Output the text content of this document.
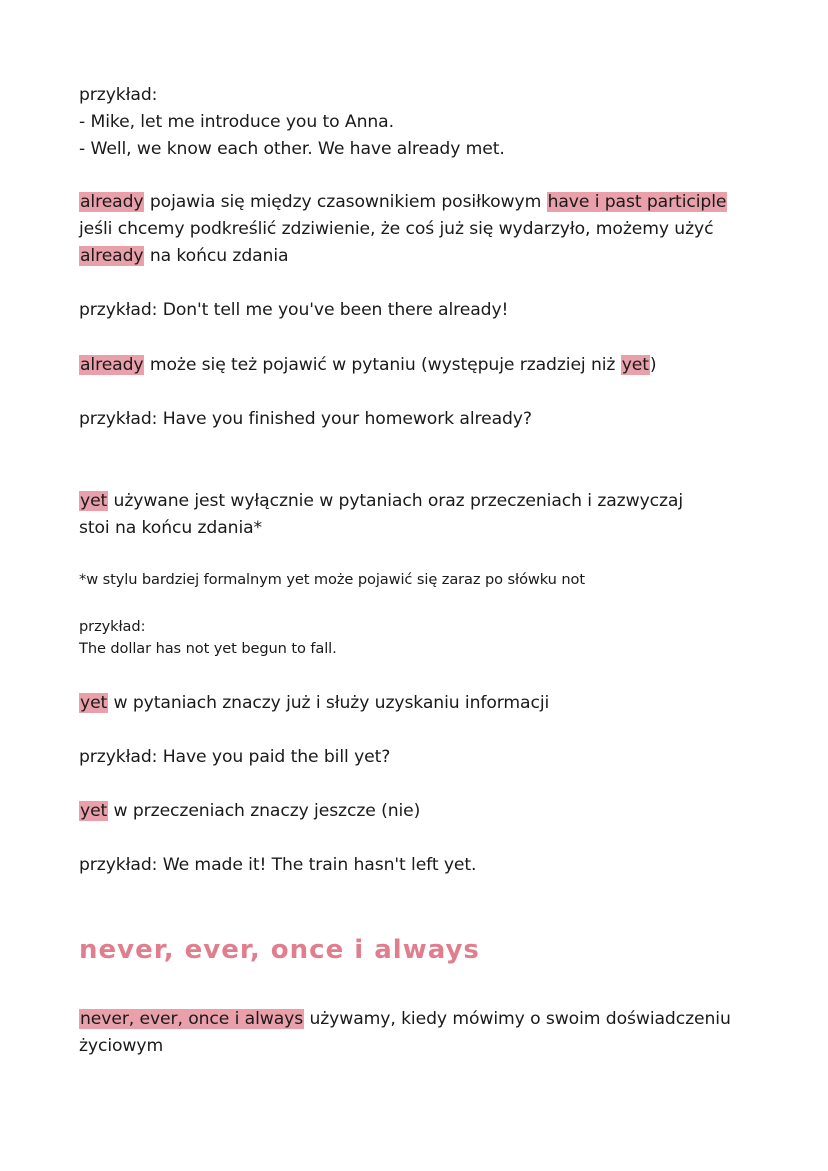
przykład:
- Mike, let me introduce you to Anna.
- Well, we know each other. We have already met.
already pojawia się między czasownikiem posiłkowym have i past participle
jeśli chcemy podkreślić zdziwienie, że coś już się wydarzyło, możemy użyć
already na końcu zdania
przykład: Don't tell me you've been there already!
already może się też pojawić w pytaniu (występuje rzadziej niż yet)
przykład: Have you finished your homework already?
yet używane jest wyłącznie w pytaniach oraz przeczeniach i zazwyczaj
stoi na końcu zdania*
*w stylu bardziej formalnym yet może pojawić się zaraz po słówku not
przykład:
The dollar has not yet begun to fall.
yet w pytaniach znaczy już i służy uzyskaniu informacji
przykład: Have you paid the bill yet?
yet w przeczeniach znaczy jeszcze (nie)
przykład: We made it! The train hasn't left yet.
never, ever, once i always
never, ever, once i always używamy, kiedy mówimy o swoim doświadczeniu
życiowym
